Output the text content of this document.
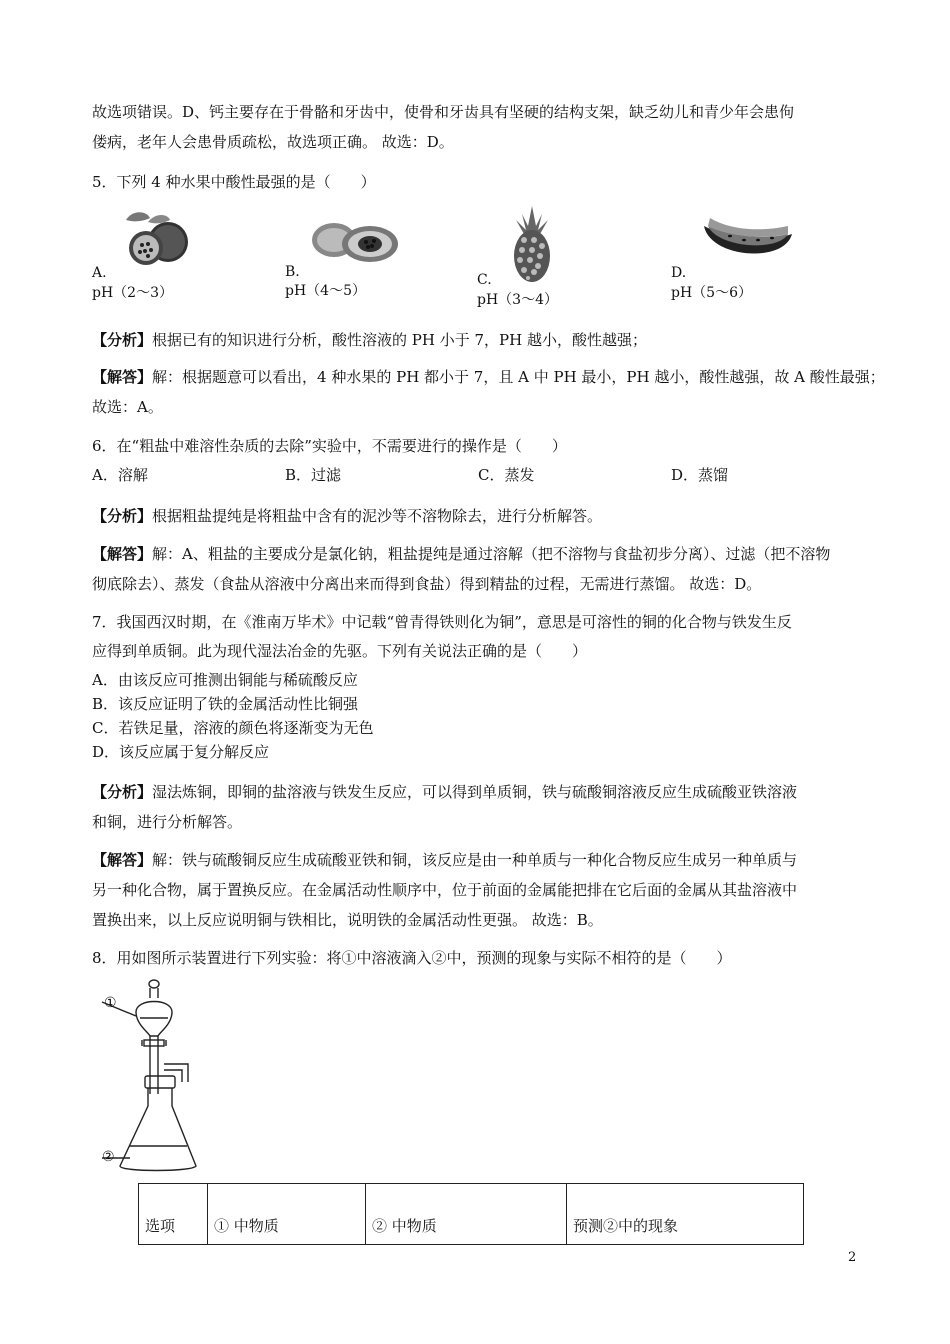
故选项错误。D、钙主要存在于骨骼和牙齿中，使骨和牙齿具有坚硬的结构支架，缺乏幼儿和青少年会患佝
偻病，老年人会患骨质疏松，故选项正确。 故选：D。
5．下列 4 种水果中酸性最强的是（　　）
A.
pH（2～3）
B.
pH（4～5）
C.
pH（3～4）
D.
pH（5～6）
【分析】根据已有的知识进行分析，酸性溶液的 PH 小于 7，PH 越小，酸性越强；
【解答】解：根据题意可以看出，4 种水果的 PH 都小于 7，且 A 中 PH 最小，PH 越小，酸性越强，故 A 酸性最强；
故选：A。
6．在“粗盐中难溶性杂质的去除”实验中，不需要进行的操作是（　　）
A．溶解	B．过滤	C．蒸发	D．蒸馏
【分析】根据粗盐提纯是将粗盐中含有的泥沙等不溶物除去，进行分析解答。
【解答】解：A、粗盐的主要成分是氯化钠，粗盐提纯是通过溶解（把不溶物与食盐初步分离）、过滤（把不溶物
彻底除去）、蒸发（食盐从溶液中分离出来而得到食盐）得到精盐的过程，无需进行蒸馏。 故选：D。
7．我国西汉时期，在《淮南万毕术》中记载“曾青得铁则化为铜”，意思是可溶性的铜的化合物与铁发生反
应得到单质铜。此为现代湿法冶金的先驱。下列有关说法正确的是（　　）
A．由该反应可推测出铜能与稀硫酸反应
B．该反应证明了铁的金属活动性比铜强
C．若铁足量，溶液的颜色将逐渐变为无色
D．该反应属于复分解反应
【分析】湿法炼铜，即铜的盐溶液与铁发生反应，可以得到单质铜，铁与硫酸铜溶液反应生成硫酸亚铁溶液
和铜，进行分析解答。
【解答】解：铁与硫酸铜反应生成硫酸亚铁和铜，该反应是由一种单质与一种化合物反应生成另一种单质与
另一种化合物，属于置换反应。在金属活动性顺序中，位于前面的金属能把排在它后面的金属从其盐溶液中
置换出来，以上反应说明铜与铁相比，说明铁的金属活动性更强。 故选：B。
8．用如图所示装置进行下列实验：将①中溶液滴入②中，预测的现象与实际不相符的是（　　）
①
②
选项	① 中物质	② 中物质	预测②中的现象
2
